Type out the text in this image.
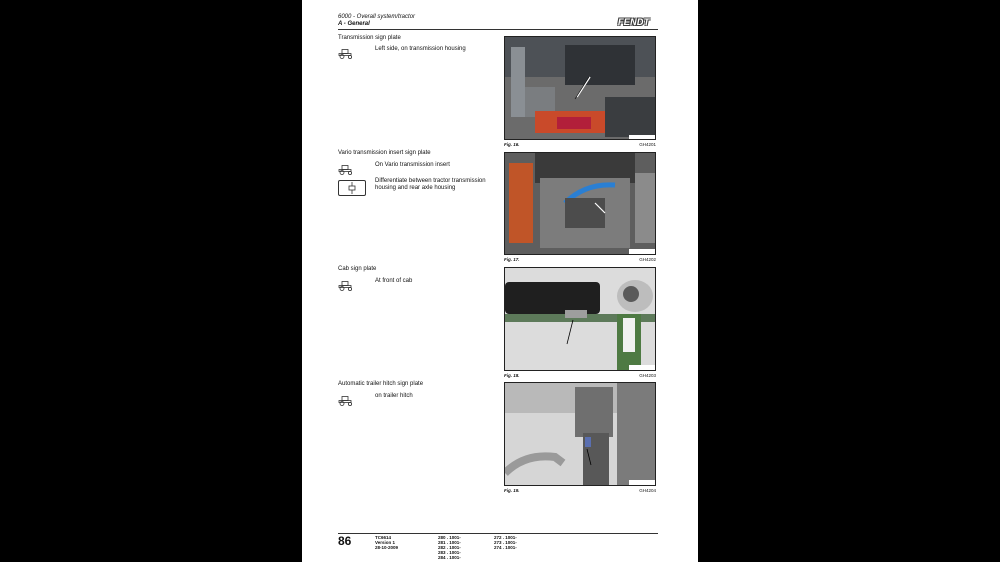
6000 - Overall system/tractor
A - General	FENDT
Transmission sign plate
Left side, on transmission housing
Fig. 16.	GH4201
Vario transmission insert sign plate
On Vario transmission insert
Differentiate between tractor transmission housing and rear axle housing
Fig. 17.	GH4202
Cab sign plate
At front of cab
Fig. 18.	GH4203
Automatic trailer hitch sign plate
on trailer hitch
Fig. 19.	GH4204
86	TC6614
Version 1
28-10-2009
280 . 1001-
281 . 1001-
282 . 1001-
283 . 1001-
284 . 1001-
272 . 1001-
273 . 1001-
274 . 1001-
